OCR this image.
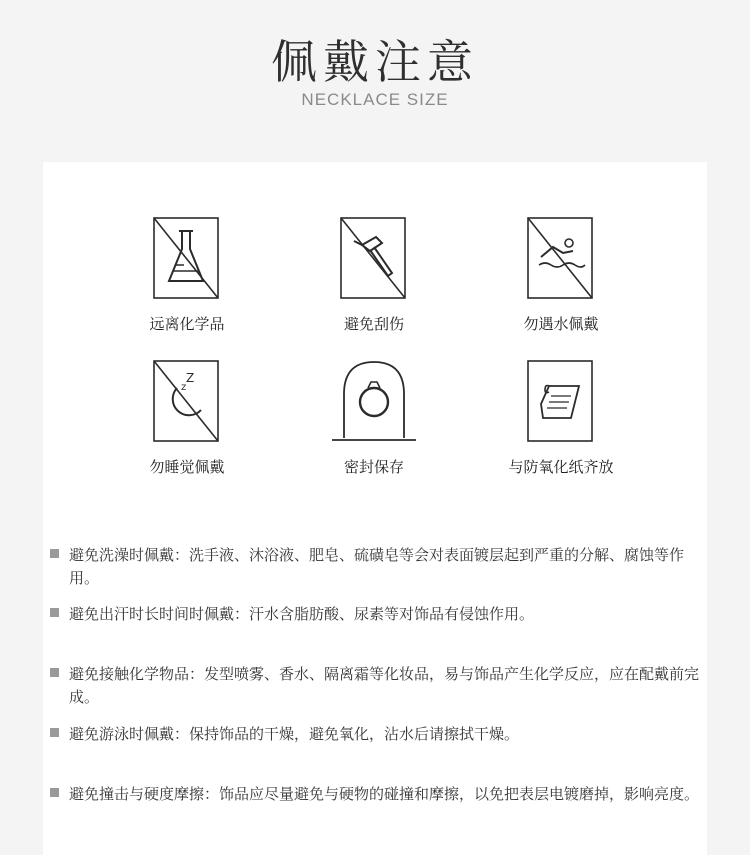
佩戴注意
NECKLACE SIZE
远离化学品	避免刮伤	勿遇水佩戴
z
Z
勿睡觉佩戴	密封保存	与防氧化纸齐放
避免洗澡时佩戴：洗手液、沐浴液、肥皂、硫磺皂等会对表面镀层起到严重的分解、腐蚀等作用。
避免出汗时长时间时佩戴：汗水含脂肪酸、尿素等对饰品有侵蚀作用。
避免接触化学物品：发型喷雾、香水、隔离霜等化妆品，易与饰品产生化学反应，应在配戴前完成。
避免游泳时佩戴：保持饰品的干燥，避免氧化，沾水后请擦拭干燥。
避免撞击与硬度摩擦：饰品应尽量避免与硬物的碰撞和摩擦，以免把表层电镀磨掉，影响亮度。
